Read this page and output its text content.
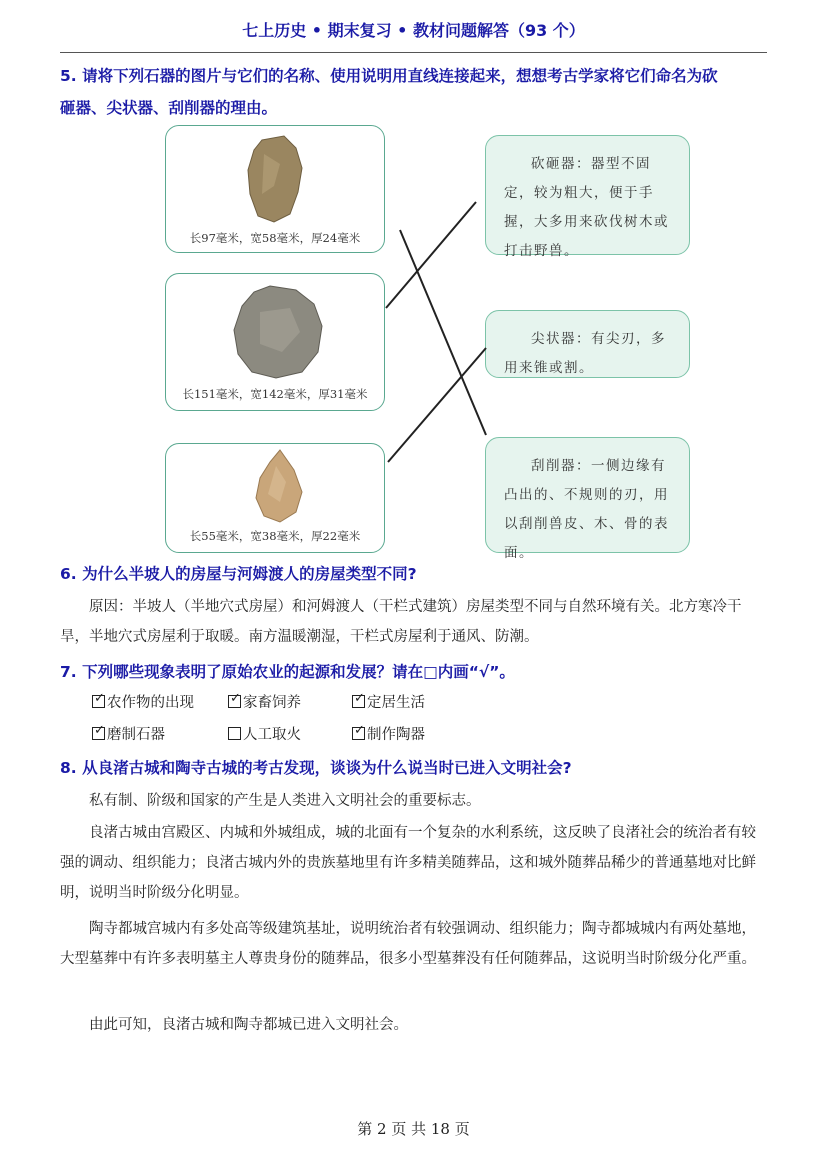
七上历史 • 期末复习 • 教材问题解答（93 个）
5. 请将下列石器的图片与它们的名称、使用说明用直线连接起来，想想考古学家将它们命名为砍
砸器、尖状器、刮削器的理由。
长97毫米，宽58毫米，厚24毫米
长151毫米，宽142毫米，厚31毫米
长55毫米，宽38毫米，厚22毫米
砍砸器：器型不固定，较为粗大，便于手握，大多用来砍伐树木或打击野兽。
尖状器：有尖刃，多用来锥或割。
刮削器：一侧边缘有凸出的、不规则的刃，用以刮削兽皮、木、骨的表面。
6. 为什么半坡人的房屋与河姆渡人的房屋类型不同?
原因：半坡人（半地穴式房屋）和河姆渡人（干栏式建筑）房屋类型不同与自然环境有关。北方寒冷干旱，半地穴式房屋利于取暖。南方温暖潮湿，干栏式房屋利于通风、防潮。
7. 下列哪些现象表明了原始农业的起源和发展？请在□内画“√”。
✓ 农作物的出现	✓ 家畜饲养	✓ 定居生活
✓ 磨制石器	人工取火	✓ 制作陶器
8. 从良渚古城和陶寺古城的考古发现，谈谈为什么说当时已进入文明社会?
私有制、阶级和国家的产生是人类进入文明社会的重要标志。
良渚古城由宫殿区、内城和外城组成，城的北面有一个复杂的水利系统，这反映了良渚社会的统治者有较强的调动、组织能力；良渚古城内外的贵族墓地里有许多精美随葬品，这和城外随葬品稀少的普通墓地对比鲜明，说明当时阶级分化明显。
陶寺都城宫城内有多处高等级建筑基址，说明统治者有较强调动、组织能力；陶寺都城城内有两处墓地，大型墓葬中有许多表明墓主人尊贵身份的随葬品，很多小型墓葬没有任何随葬品，这说明当时阶级分化严重。
由此可知，良渚古城和陶寺都城已进入文明社会。
第 2 页 共 18 页
